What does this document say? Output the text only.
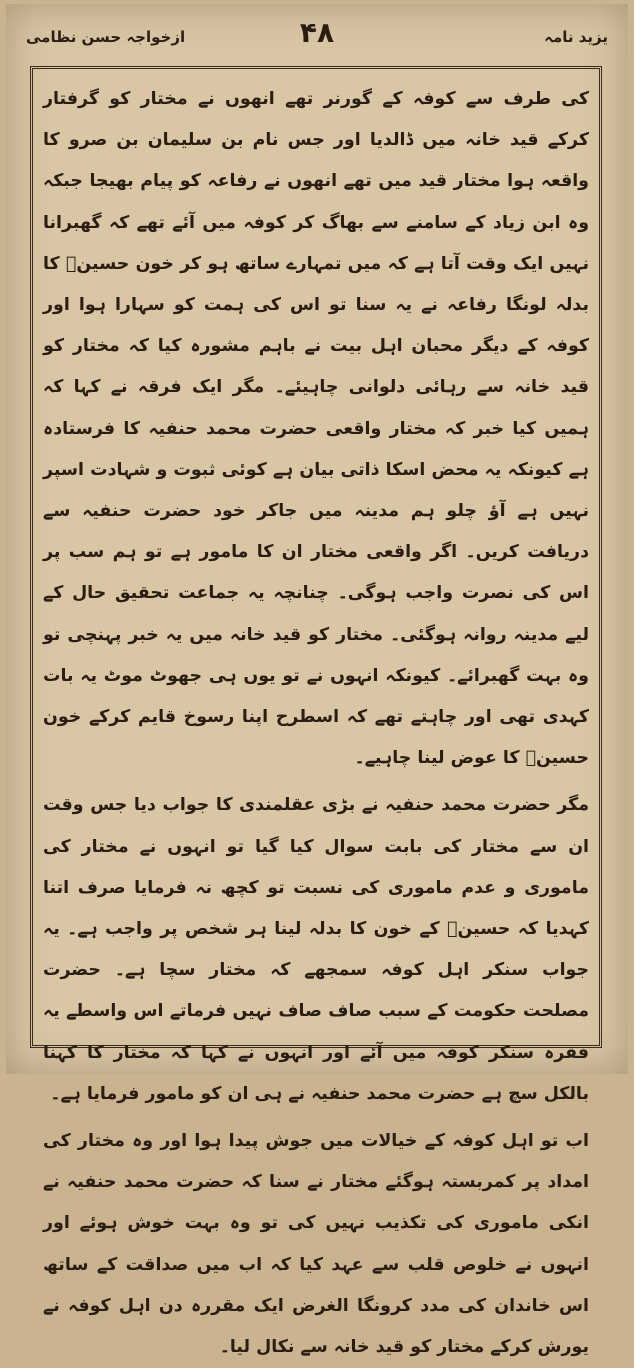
یزید نامہ
۴۸
ازخواجہ حسن نظامی

کی طرف سے کوفہ کے گورنر تھے انھوں نے مختار کو گرفتار کرکے قید خانہ میں ڈالدیا اور جس نام بن سلیمان بن صرو کا واقعہ ہوا مختار قید میں تھے انھوں نے رفاعہ کو پیام بھیجا جبکہ وہ ابن زیاد کے سامنے سے بھاگ کر کوفہ میں آئے تھے کہ گھبرانا نہیں ایک وقت آتا ہے کہ میں تمہارے ساتھ ہو کر خون حسینؑ کا بدلہ لونگا رفاعہ نے یہ سنا تو اس کی ہمت کو سہارا ہوا اور کوفہ کے دیگر محبان اہل بیت نے باہم مشورہ کیا کہ مختار کو قید خانہ سے رہائی دلوانی چاہیئے۔ مگر ایک فرقہ نے کہا کہ ہمیں کیا خبر کہ مختار واقعی حضرت محمد حنفیہ کا فرستادہ ہے کیونکہ یہ محض اسکا ذاتی بیان ہے کوئی ثبوت و شہادت اسپر نہیں ہے آؤ چلو ہم مدینہ میں جاکر خود حضرت حنفیہ سے دریافت کریں۔ اگر واقعی مختار ان کا مامور ہے تو ہم سب پر اس کی نصرت واجب ہوگی۔ چنانچہ یہ جماعت تحقیق حال کے لیے مدینہ روانہ ہوگئی۔ مختار کو قید خانہ میں یہ خبر پہنچی تو وہ بہت گھبرائے۔ کیونکہ انہوں نے تو یوں ہی جھوٹ موٹ یہ بات کہدی تھی اور چاہتے تھے کہ اسطرح اپنا رسوخ قایم کرکے خون حسینؑ کا عوض لینا چاہیے۔

مگر حضرت محمد حنفیہ نے بڑی عقلمندی کا جواب دیا جس وقت ان سے مختار کی بابت سوال کیا گیا تو انہوں نے مختار کی ماموری و عدم ماموری کی نسبت تو کچھ نہ فرمایا صرف اتنا کہدیا کہ حسینؑ کے خون کا بدلہ لینا ہر شخص پر واجب ہے۔ یہ جواب سنکر اہل کوفہ سمجھے کہ مختار سچا ہے۔ حضرت مصلحت حکومت کے سبب صاف صاف نہیں فرماتے اس واسطے یہ فقرہ سنکر کوفہ میں آئے اور انہوں نے کہا کہ مختار کا کہنا بالکل سچ ہے حضرت محمد حنفیہ نے ہی ان کو مامور فرمایا ہے۔

اب تو اہل کوفہ کے خیالات میں جوش پیدا ہوا اور وہ مختار کی امداد پر کمربستہ ہوگئے مختار نے سنا کہ حضرت محمد حنفیہ نے انکی ماموری کی تکذیب نہیں کی تو وہ بہت خوش ہوئے اور انہوں نے خلوص قلب سے عہد کیا کہ اب میں صداقت کے ساتھ اس خاندان کی مدد کرونگا الغرض ایک مقررہ دن اہل کوفہ نے یورش کرکے مختار کو قید خانہ سے نکال لیا۔
